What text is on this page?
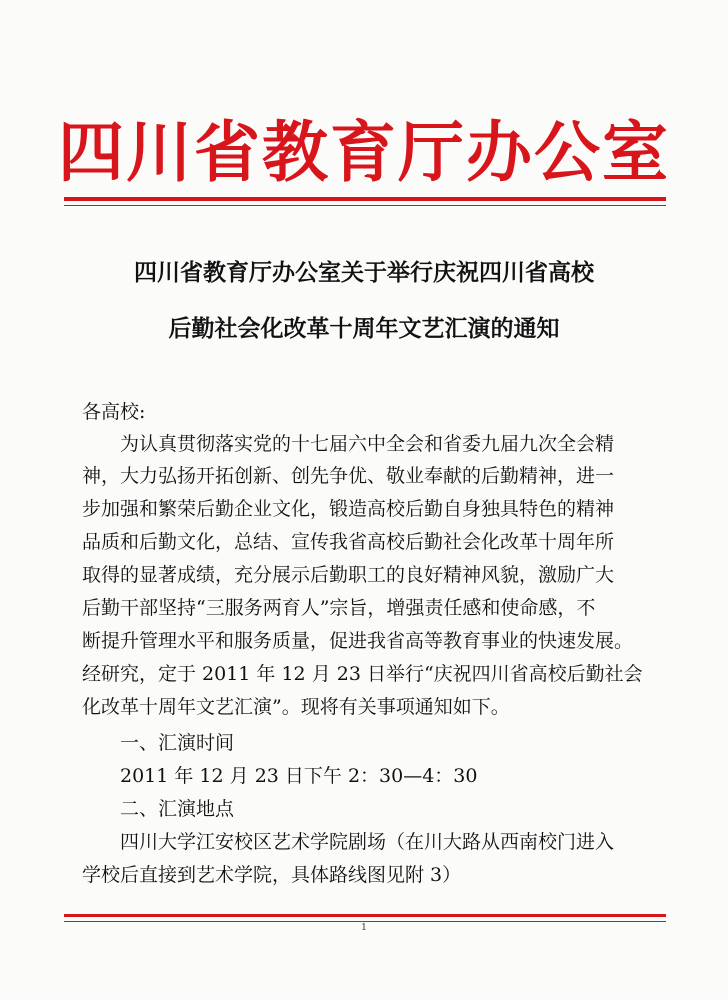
四川省教育厅办公室
四川省教育厅办公室关于举行庆祝四川省高校
后勤社会化改革十周年文艺汇演的通知
各高校:
为认真贯彻落实党的十七届六中全会和省委九届九次全会精
神，大力弘扬开拓创新、创先争优、敬业奉献的后勤精神，进一
步加强和繁荣后勤企业文化，锻造高校后勤自身独具特色的精神
品质和后勤文化，总结、宣传我省高校后勤社会化改革十周年所
取得的显著成绩，充分展示后勤职工的良好精神风貌，激励广大
后勤干部坚持“三服务两育人”宗旨，增强责任感和使命感，不
断提升管理水平和服务质量，促进我省高等教育事业的快速发展。
经研究，定于 2011 年 12 月 23 日举行“庆祝四川省高校后勤社会
化改革十周年文艺汇演”。现将有关事项通知如下。
一、汇演时间
2011 年 12 月 23 日下午 2：30—4：30
二、汇演地点
四川大学江安校区艺术学院剧场（在川大路从西南校门进入
学校后直接到艺术学院，具体路线图见附 3）
1
